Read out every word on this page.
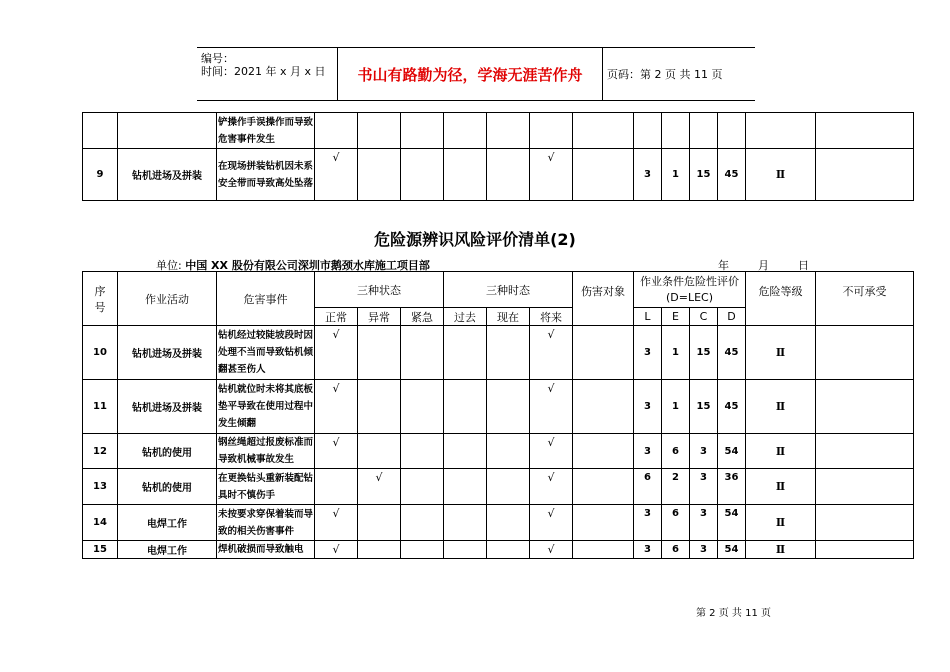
编号：
时间：2021 年 x 月 x 日	书山有路勤为径，学海无涯苦作舟	页码：第 2 页 共 11 页
		铲操作手误操作而导致危害事件发生													
9	钻机进场及拼装	在现场拼装钻机因未系安全带而导致高处坠落	√					√		3	1	15	45	Ⅱ	
危险源辨识风险评价清单(2)
单位: 中国 XX 股份有限公司深圳市鹅颈水库施工项目部	年	月	日
序号	作业活动	危害事件	三种状态			三种时态			伤害对象	作业条件危险性评价(D=LEC)				危险等级	不可承受
			正常	异常	紧急	过去	现在	将来		L	E	C	D		
10	钻机进场及拼装	钻机经过较陡坡段时因处理不当而导致钻机倾翻甚至伤人	√					√		3	1	15	45	Ⅱ	
11	钻机进场及拼装	钻机就位时未将其底板垫平导致在使用过程中发生倾翻	√					√		3	1	15	45	Ⅱ	
12	钻机的使用	钢丝绳超过报废标准而导致机械事故发生	√					√		3	6	3	54	Ⅱ	
13	钻机的使用	在更换钻头重新装配钻具时不慎伤手		√				√		6	2	3	36	Ⅱ	
14	电焊工作	未按要求穿保着装而导致的相关伤害事件	√					√		3	6	3	54	Ⅱ	
15	电焊工作	焊机破损而导致触电	√					√		3	6	3	54	Ⅱ	
第 2 页 共 11 页
